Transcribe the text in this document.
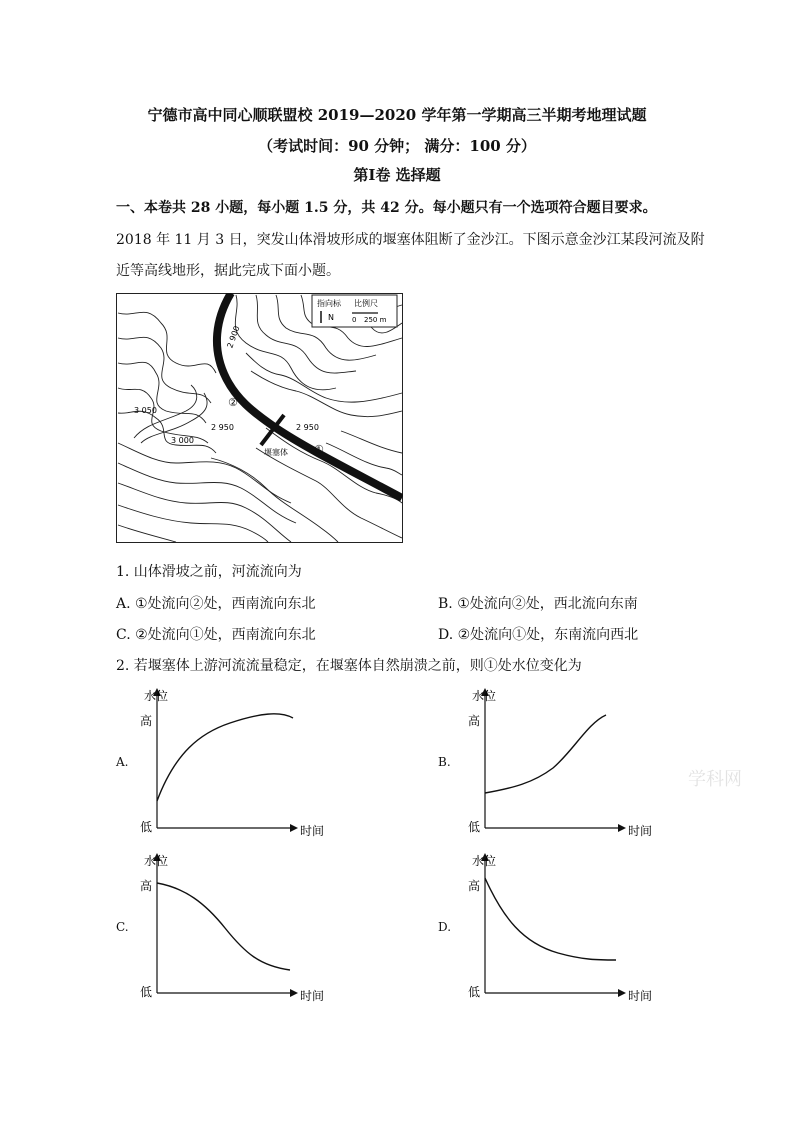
宁德市高中同心顺联盟校 2019—2020 学年第一学期高三半期考地理试题
（考试时间：90 分钟； 满分：100 分）
第Ⅰ卷 选择题
一、本卷共 28 小题，每小题 1.5 分，共 42 分。每小题只有一个选项符合题目要求。
2018 年 11 月 3 日，突发山体滑坡形成的堰塞体阻断了金沙江。下图示意金沙江某段河流及附
近等高线地形，据此完成下面小题。
指向标
N
比例尺
0 250 m
2 900
3 050
2 950
3 000
2 950
②
①
堰塞体
1. 山体滑坡之前，河流流向为
A. ①处流向②处，西南流向东北	B. ①处流向②处，西北流向东南
C. ②处流向①处，西南流向东北	D. ②处流向①处，东南流向西北
2. 若堰塞体上游河流流量稳定，在堰塞体自然崩溃之前，则①处水位变化为
A.
水位
高
低	时间
B.
水位
高
低	时间
C.
水位
高
低	时间
D.
水位
高
低	时间
学科网
